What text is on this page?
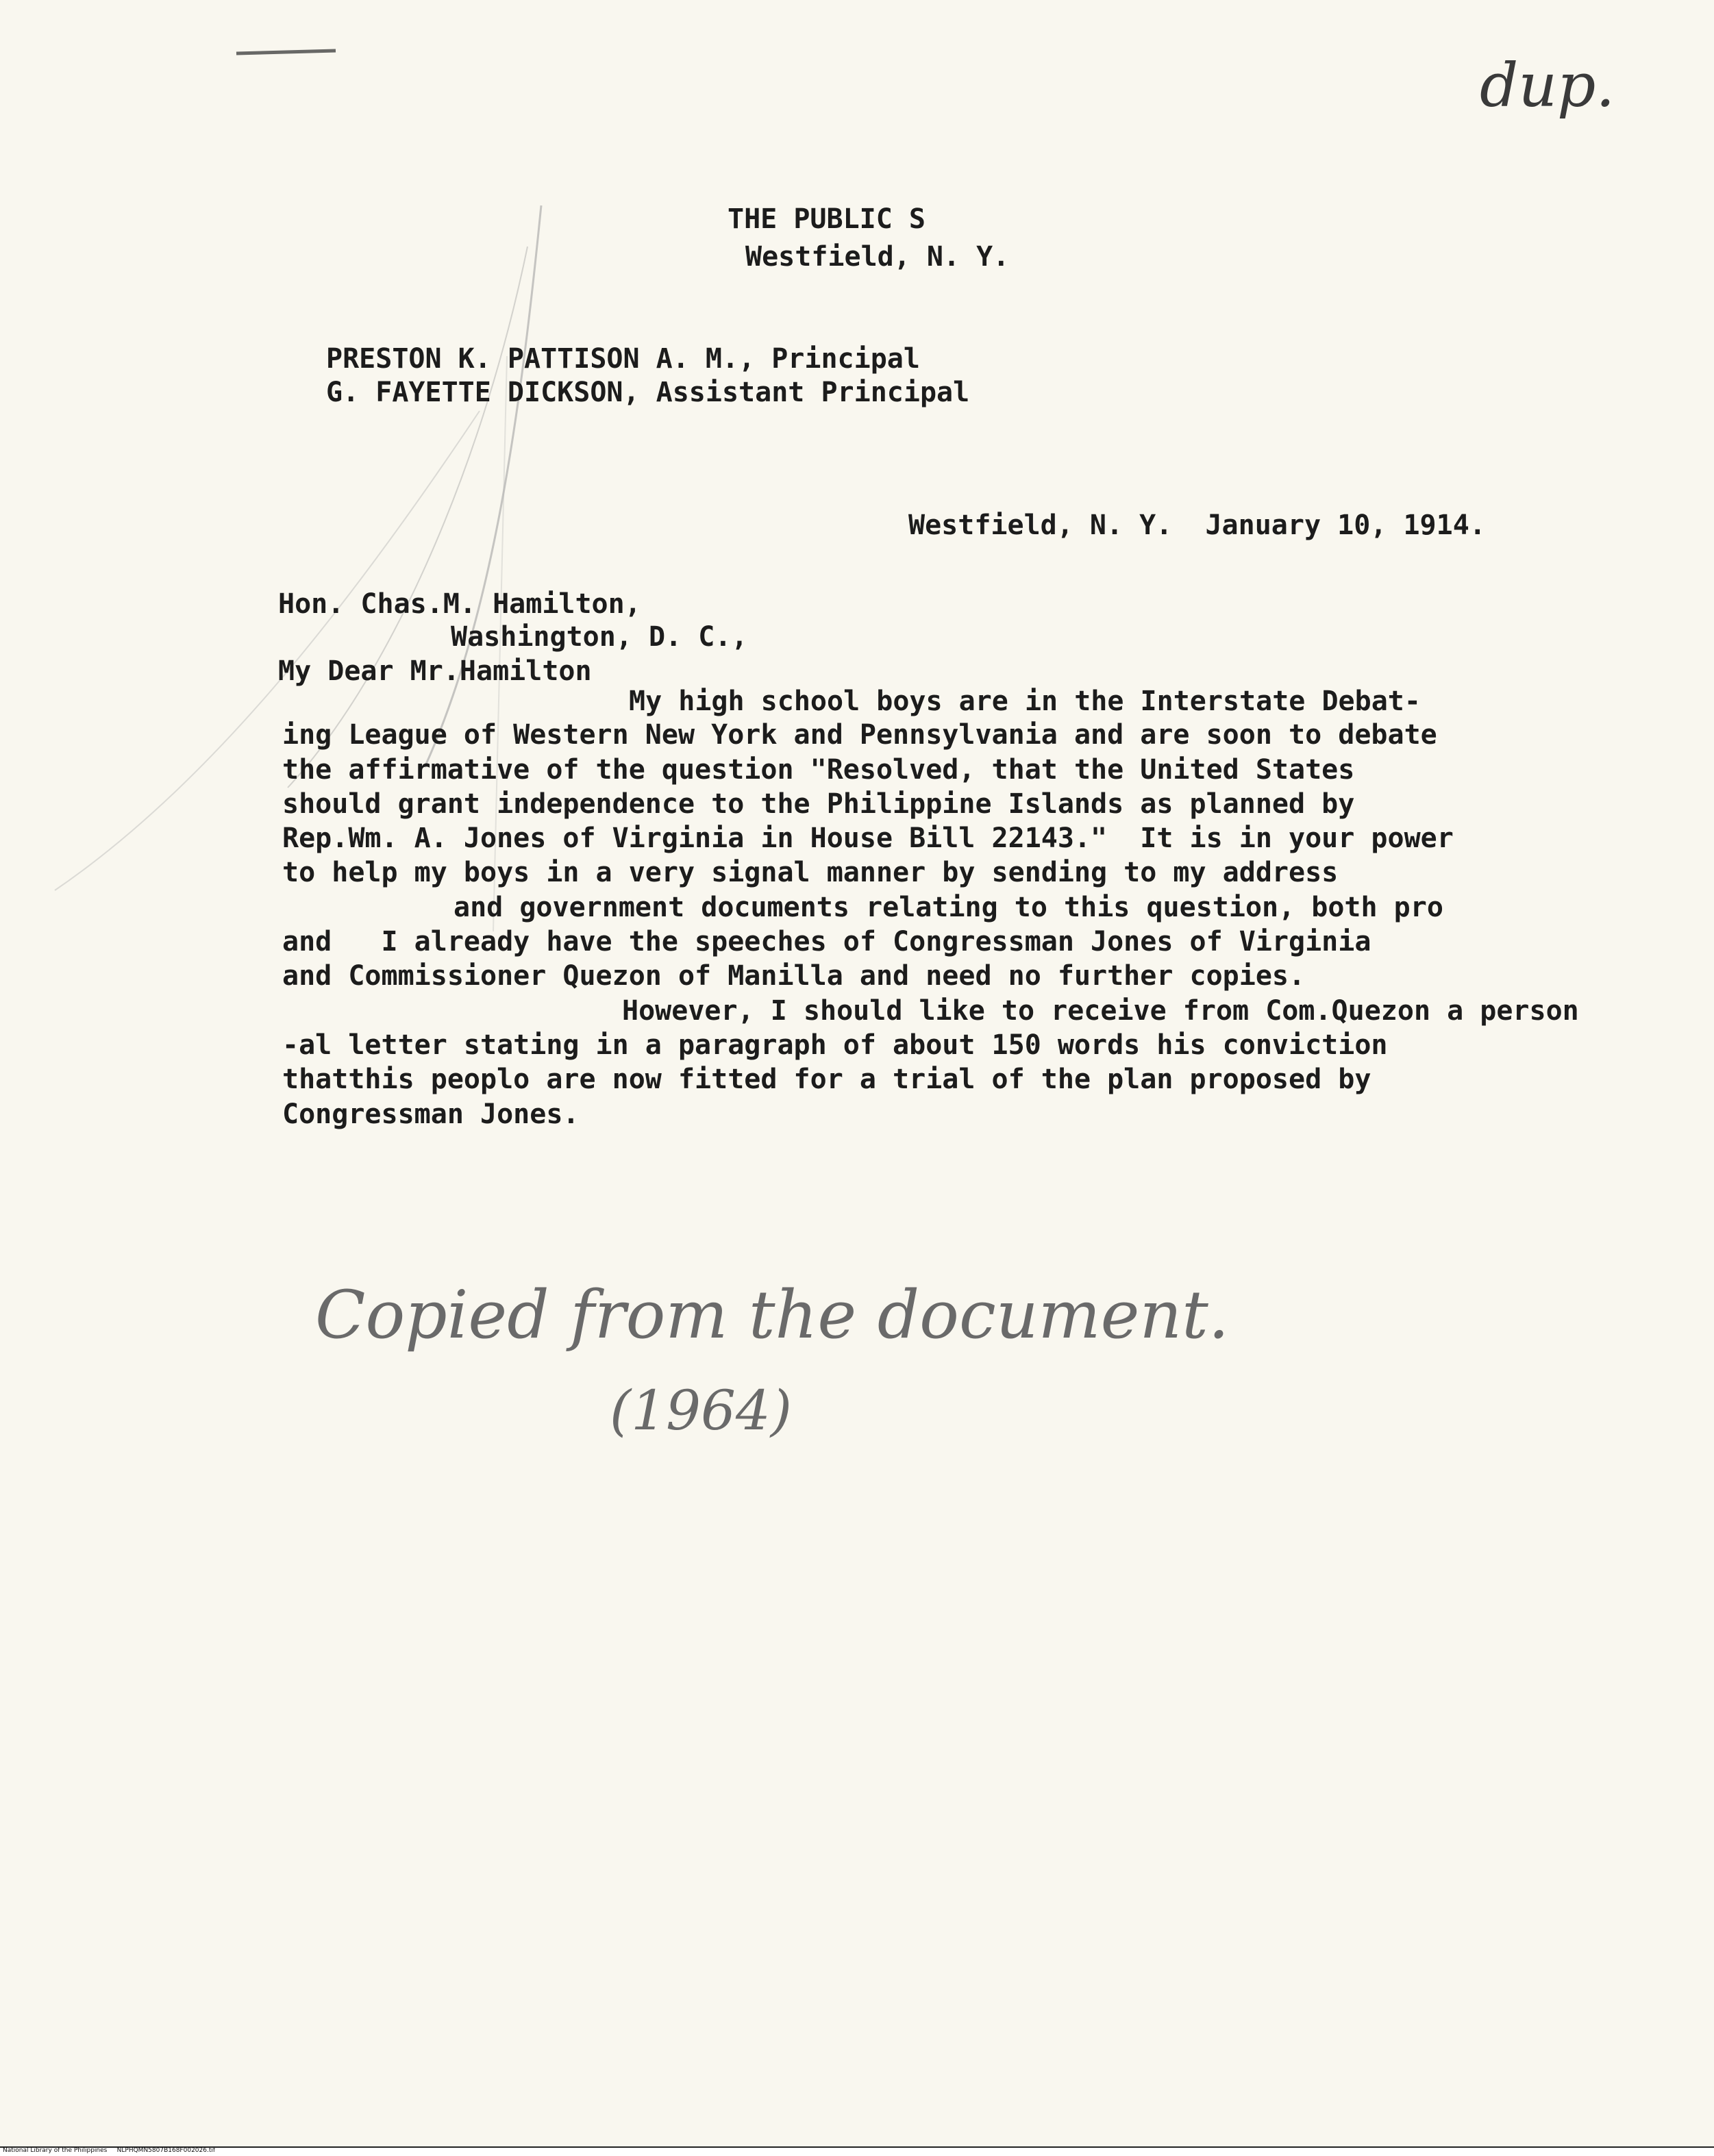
dup.
THE PUBLIC S
Westfield, N. Y.
PRESTON K. PATTISON A. M., Principal
G. FAYETTE DICKSON, Assistant Principal
Westfield, N. Y.  January 10, 1914.
Hon. Chas.M. Hamilton,
Washington, D. C.,
My Dear Mr.Hamilton
My high school boys are in the Interstate Debat-
ing League of Western New York and Pennsylvania and are soon to debate
the affirmative of the question "Resolved, that the United States
should grant independence to the Philippine Islands as planned by
Rep.Wm. A. Jones of Virginia in House Bill 22143."  It is in your power
to help my boys in a very signal manner by sending to my address
and government documents relating to this question, both pro
and   I already have the speeches of Congressman Jones of Virginia
and Commissioner Quezon of Manilla and need no further copies.
However, I should like to receive from Com.Quezon a person
-al letter stating in a paragraph of about 150 words his conviction
thatthis peoplo are now fitted for a trial of the plan proposed by
Congressman Jones.
Copied from the document.
(1964)
National Library of the Philippines     NLPHQMN5807B168F002026.tif
